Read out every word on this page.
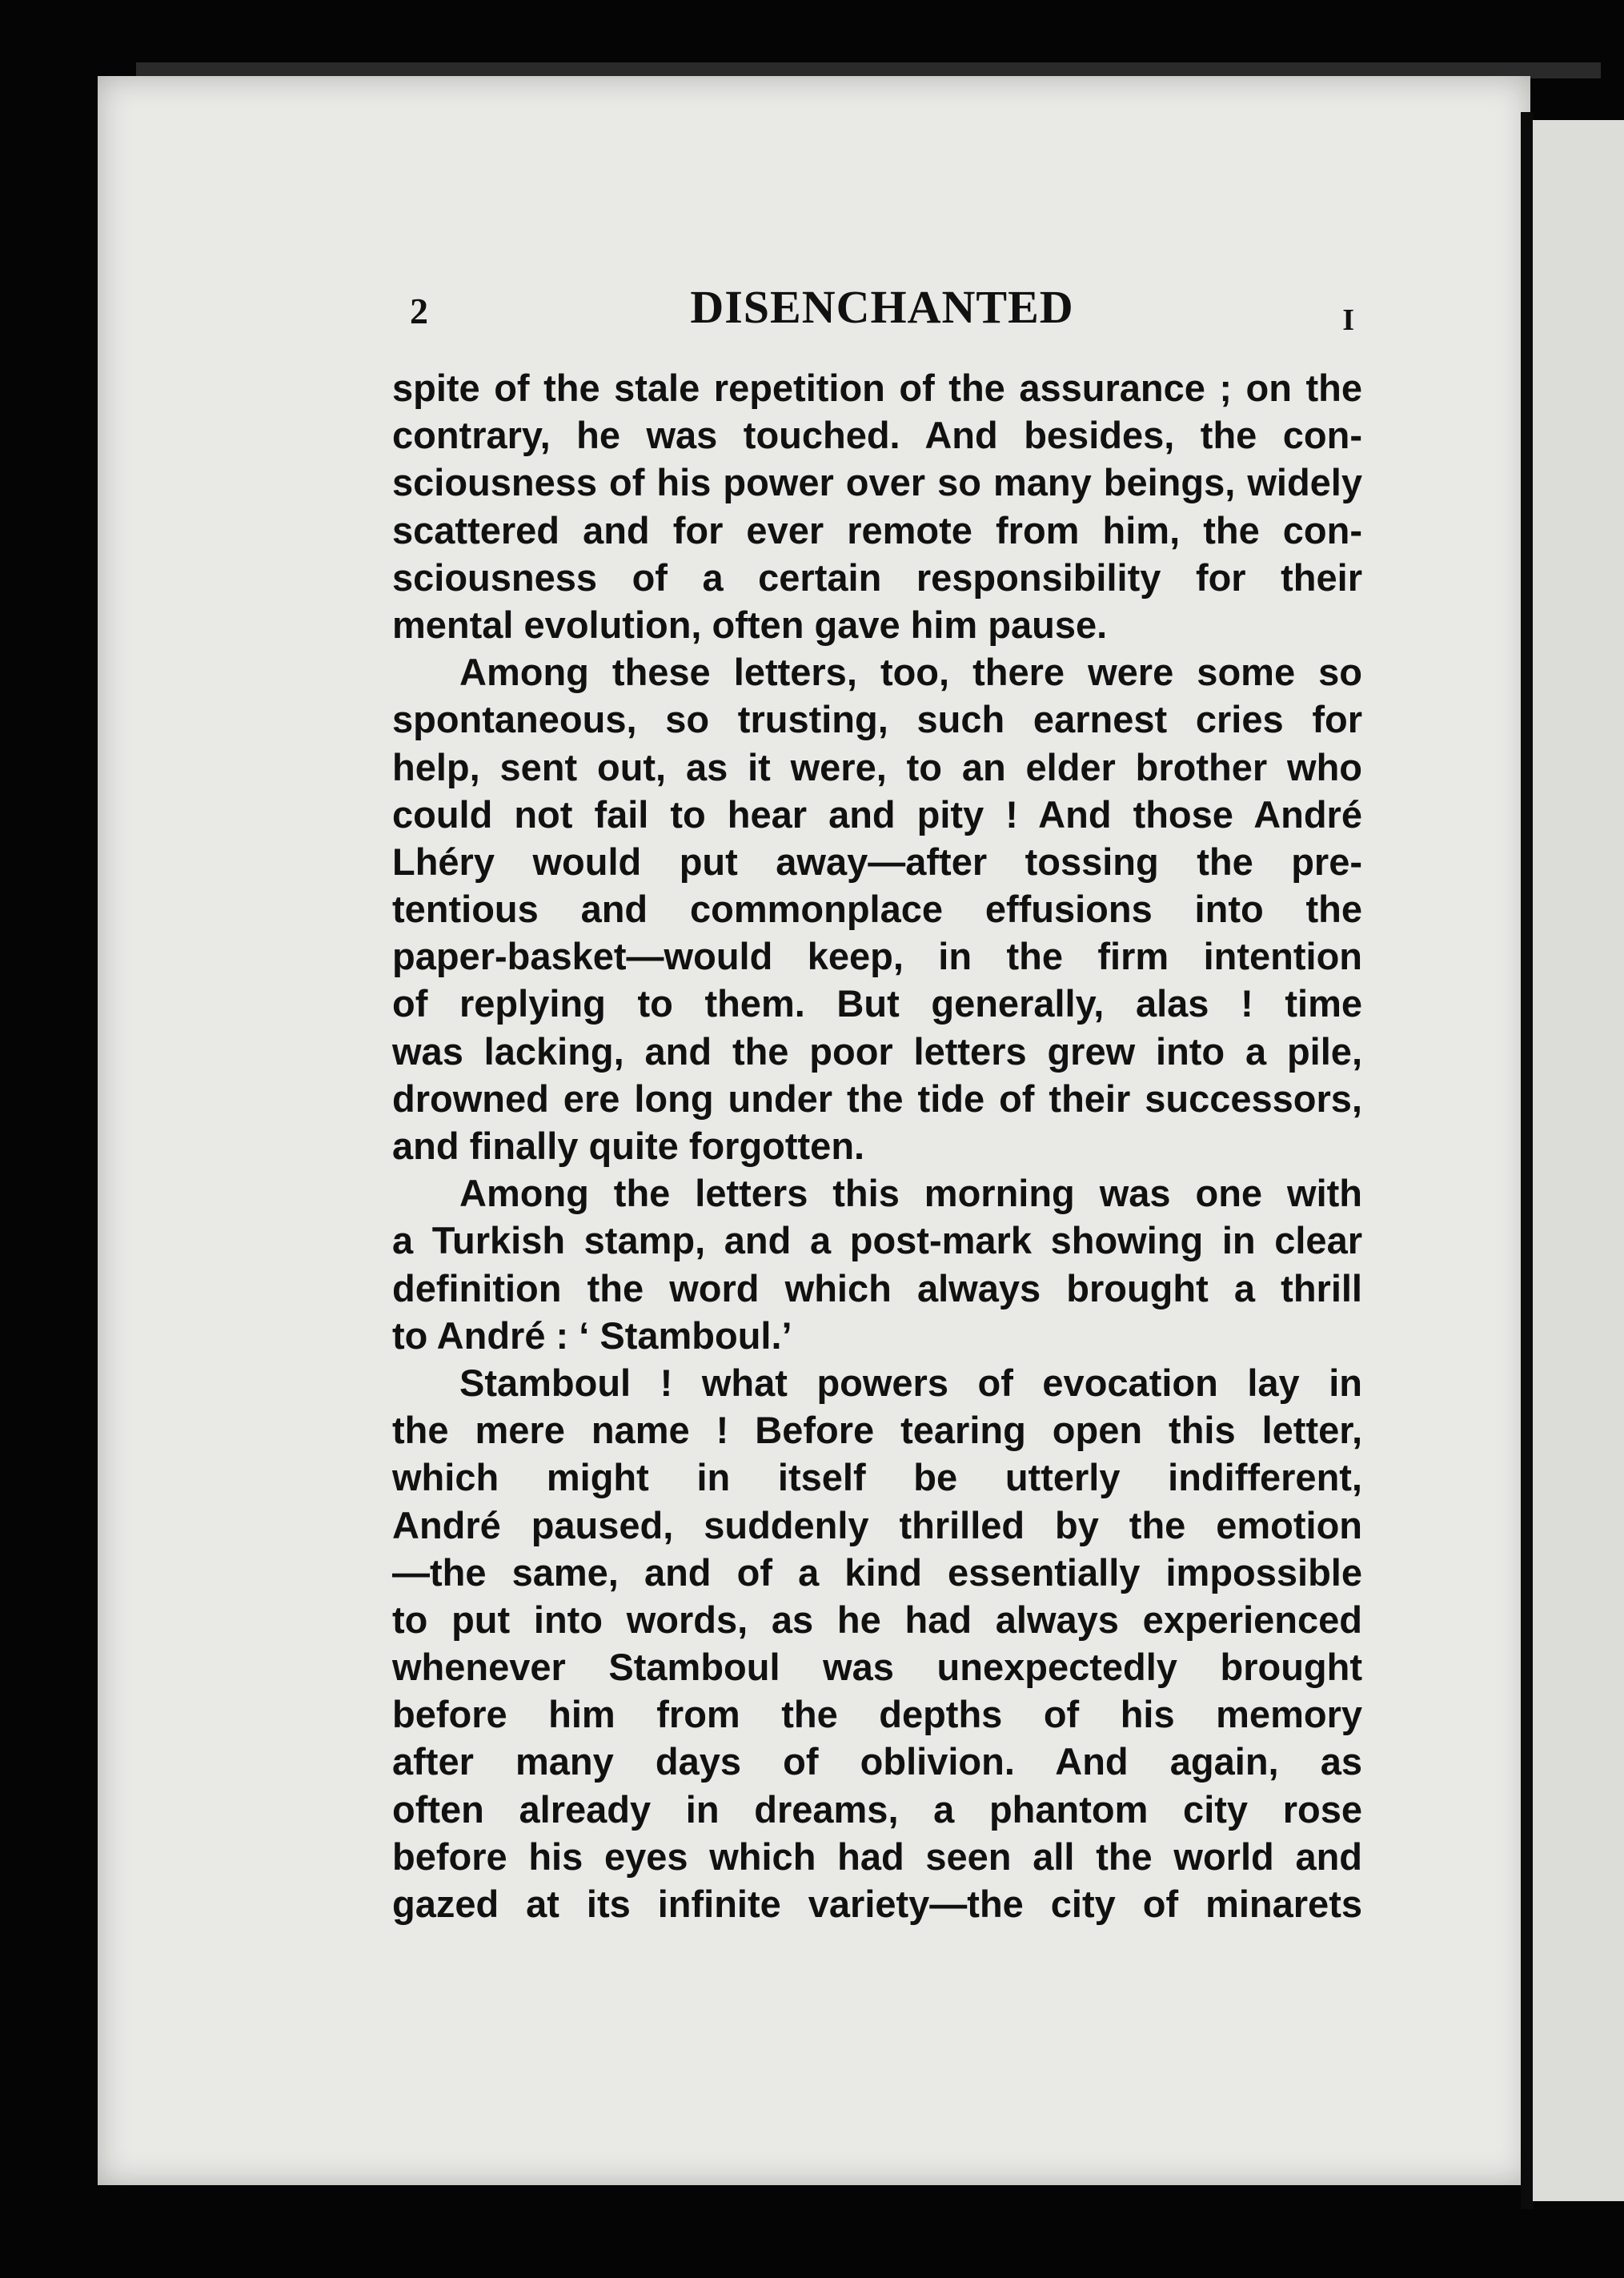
2	DISENCHANTED	I
spite of the stale repetition of the assurance ; on the
contrary, he was touched. And besides, the con-
sciousness of his power over so many beings, widely
scattered and for ever remote from him, the con-
sciousness of a certain responsibility for their
mental evolution, often gave him pause.
Among these letters, too, there were some so
spontaneous, so trusting, such earnest cries for
help, sent out, as it were, to an elder brother who
could not fail to hear and pity ! And those André
Lhéry would put away—after tossing the pre-
tentious and commonplace effusions into the
paper-basket—would keep, in the firm intention
of replying to them. But generally, alas ! time
was lacking, and the poor letters grew into a pile,
drowned ere long under the tide of their successors,
and finally quite forgotten.
Among the letters this morning was one with
a Turkish stamp, and a post-mark showing in clear
definition the word which always brought a thrill
to André : ‘ Stamboul.’
Stamboul ! what powers of evocation lay in
the mere name ! Before tearing open this letter,
which might in itself be utterly indifferent,
André paused, suddenly thrilled by the emotion
—the same, and of a kind essentially impossible
to put into words, as he had always experienced
whenever Stamboul was unexpectedly brought
before him from the depths of his memory
after many days of oblivion. And again, as
often already in dreams, a phantom city rose
before his eyes which had seen all the world and
gazed at its infinite variety—the city of minarets
